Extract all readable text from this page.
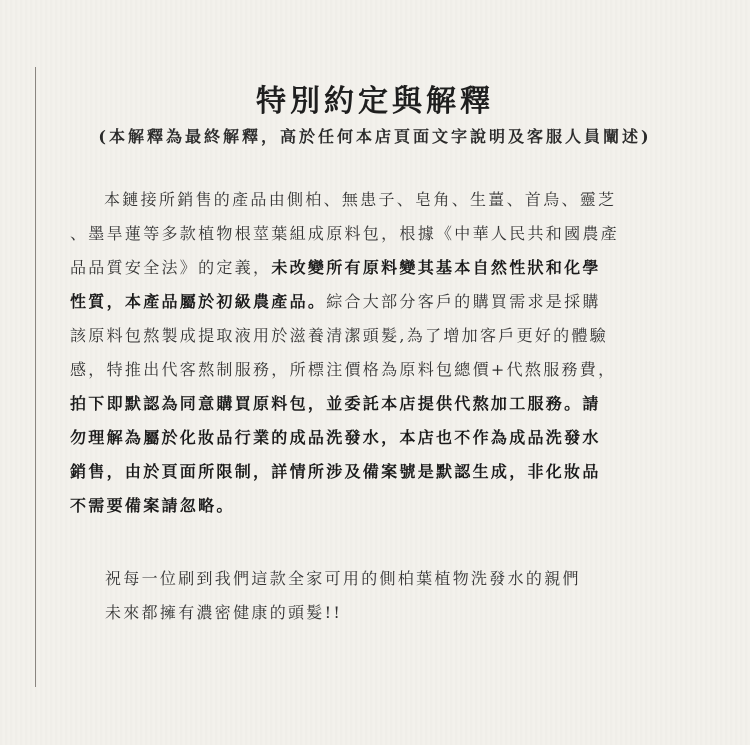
特別約定與解釋
(本解釋為最終解釋，高於任何本店頁面文字說明及客服人員闡述)
本鏈接所銷售的產品由側柏、無患子、皂角、生薑、首烏、靈芝
、墨旱蓮等多款植物根莖葉組成原料包，根據《中華人民共和國農產
品品質安全法》的定義，未改變所有原料變其基本自然性狀和化學
性質，本產品屬於初級農產品。綜合大部分客戶的購買需求是採購
該原料包熬製成提取液用於滋養清潔頭髮,為了增加客戶更好的體驗
感，特推出代客熬制服務，所標注價格為原料包總價+代熬服務費，
拍下即默認為同意購買原料包，並委託本店提供代熬加工服務。請
勿理解為屬於化妝品行業的成品洗發水，本店也不作為成品洗發水
銷售，由於頁面所限制，詳情所涉及備案號是默認生成，非化妝品
不需要備案請忽略。
祝每一位刷到我們這款全家可用的側柏葉植物洗發水的親們
未來都擁有濃密健康的頭髮!!
